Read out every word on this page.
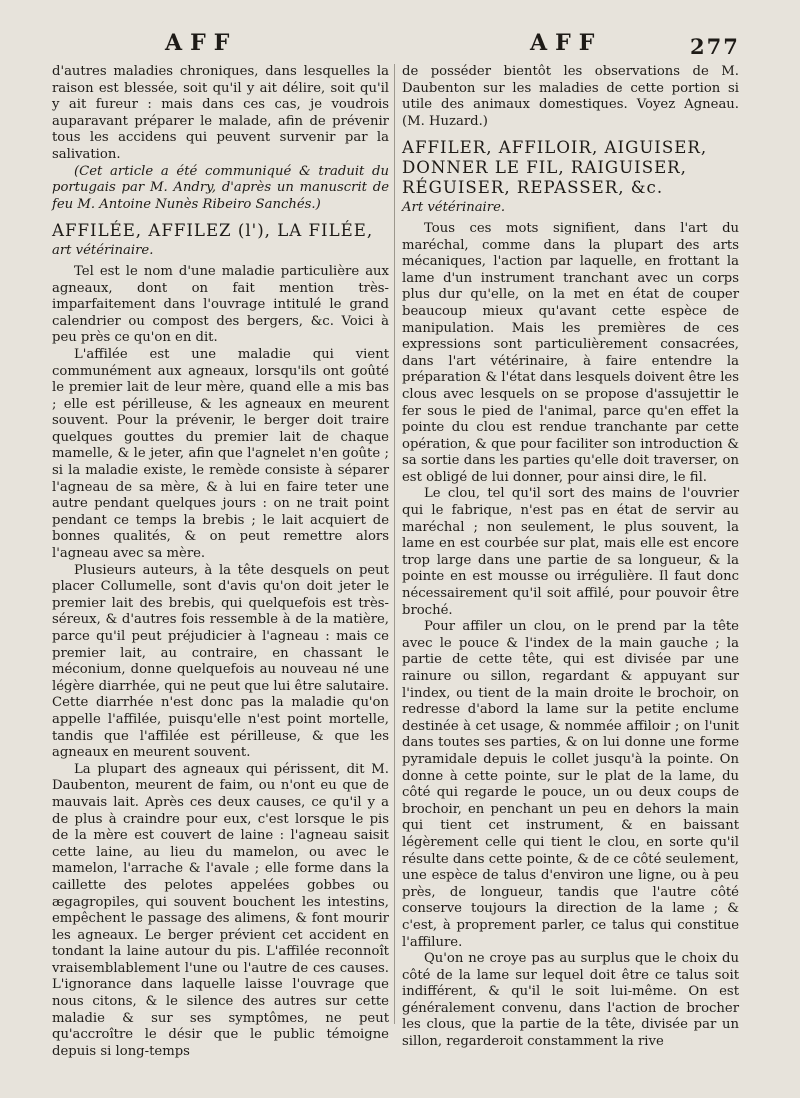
AFF	AFF	277

d'autres maladies chroniques, dans lesquelles la raison est blessée, soit qu'il y ait délire, soit qu'il y ait fureur : mais dans ces cas, je voudrois auparavant préparer le malade, afin de prévenir tous les accidens qui peuvent survenir par la salivation.

(Cet article a été communiqué & traduit du portugais par M. Andry, d'après un manuscrit de feu M. Antoine Nunès Ribeiro Sanchés.)

AFFILÉE, AFFILEZ (l'), LA FILÉE,

art vétérinaire.

Tel est le nom d'une maladie particulière aux agneaux, dont on fait mention très-imparfaitement dans l'ouvrage intitulé le grand calendrier ou compost des bergers, &c. Voici à peu près ce qu'on en dit.

L'affilée est une maladie qui vient communément aux agneaux, lorsqu'ils ont goûté le premier lait de leur mère, quand elle a mis bas ; elle est périlleuse, & les agneaux en meurent souvent. Pour la prévenir, le berger doit traire quelques gouttes du premier lait de chaque mamelle, & le jeter, afin que l'agnelet n'en goûte ; si la maladie existe, le remède consiste à séparer l'agneau de sa mère, & à lui en faire teter une autre pendant quelques jours : on ne trait point pendant ce temps la brebis ; le lait acquiert de bonnes qualités, & on peut remettre alors l'agneau avec sa mère.

Plusieurs auteurs, à la tête desquels on peut placer Collumelle, sont d'avis qu'on doit jeter le premier lait des brebis, qui quelquefois est très-séreux, & d'autres fois ressemble à de la matière, parce qu'il peut préjudicier à l'agneau : mais ce premier lait, au contraire, en chassant le méconium, donne quelquefois au nouveau né une légère diarrhée, qui ne peut que lui être salutaire. Cette diarrhée n'est donc pas la maladie qu'on appelle l'affilée, puisqu'elle n'est point mortelle, tandis que l'affilée est périlleuse, & que les agneaux en meurent souvent.

La plupart des agneaux qui périssent, dit M. Daubenton, meurent de faim, ou n'ont eu que de mauvais lait. Après ces deux causes, ce qu'il y a de plus à craindre pour eux, c'est lorsque le pis de la mère est couvert de laine : l'agneau saisit cette laine, au lieu du mamelon, ou avec le mamelon, l'arrache & l'avale ; elle forme dans la caillette des pelotes appelées gobbes ou ægagropiles, qui souvent bouchent les intestins, empêchent le passage des alimens, & font mourir les agneaux. Le berger prévient cet accident en tondant la laine autour du pis. L'affilée reconnoît vraisemblablement l'une ou l'autre de ces causes. L'ignorance dans laquelle laisse l'ouvrage que nous citons, & le silence des autres sur cette maladie & sur ses symptômes, ne peut qu'accroître le désir que le public témoigne depuis si long-temps

de posséder bientôt les observations de M. Daubenton sur les maladies de cette portion si utile des animaux domestiques. Voyez Agneau. (M. Huzard.)

AFFILER, AFFILOIR, AIGUISER, DONNER LE FIL, RAIGUISER, RÉGUISER, REPASSER, &c.

Art vétérinaire.

Tous ces mots signifient, dans l'art du maréchal, comme dans la plupart des arts mécaniques, l'action par laquelle, en frottant la lame d'un instrument tranchant avec un corps plus dur qu'elle, on la met en état de couper beaucoup mieux qu'avant cette espèce de manipulation. Mais les premières de ces expressions sont particulièrement consacrées, dans l'art vétérinaire, à faire entendre la préparation & l'état dans lesquels doivent être les clous avec lesquels on se propose d'assujettir le fer sous le pied de l'animal, parce qu'en effet la pointe du clou est rendue tranchante par cette opération, & que pour faciliter son introduction & sa sortie dans les parties qu'elle doit traverser, on est obligé de lui donner, pour ainsi dire, le fil.

Le clou, tel qu'il sort des mains de l'ouvrier qui le fabrique, n'est pas en état de servir au maréchal ; non seulement, le plus souvent, la lame en est courbée sur plat, mais elle est encore trop large dans une partie de sa longueur, & la pointe en est mousse ou irrégulière. Il faut donc nécessairement qu'il soit affilé, pour pouvoir être broché.

Pour affiler un clou, on le prend par la tête avec le pouce & l'index de la main gauche ; la partie de cette tête, qui est divisée par une rainure ou sillon, regardant & appuyant sur l'index, ou tient de la main droite le brochoir, on redresse d'abord la lame sur la petite enclume destinée à cet usage, & nommée affiloir ; on l'unit dans toutes ses parties, & on lui donne une forme pyramidale depuis le collet jusqu'à la pointe. On donne à cette pointe, sur le plat de la lame, du côté qui regarde le pouce, un ou deux coups de brochoir, en penchant un peu en dehors la main qui tient cet instrument, & en baissant légèrement celle qui tient le clou, en sorte qu'il résulte dans cette pointe, & de ce côté seulement, une espèce de talus d'environ une ligne, ou à peu près, de longueur, tandis que l'autre côté conserve toujours la direction de la lame ; & c'est, à proprement parler, ce talus qui constitue l'affilure.

Qu'on ne croye pas au surplus que le choix du côté de la lame sur lequel doit être ce talus soit indifférent, & qu'il le soit lui-même. On est généralement convenu, dans l'action de brocher les clous, que la partie de la tête, divisée par un sillon, regarderoit constamment la rive
